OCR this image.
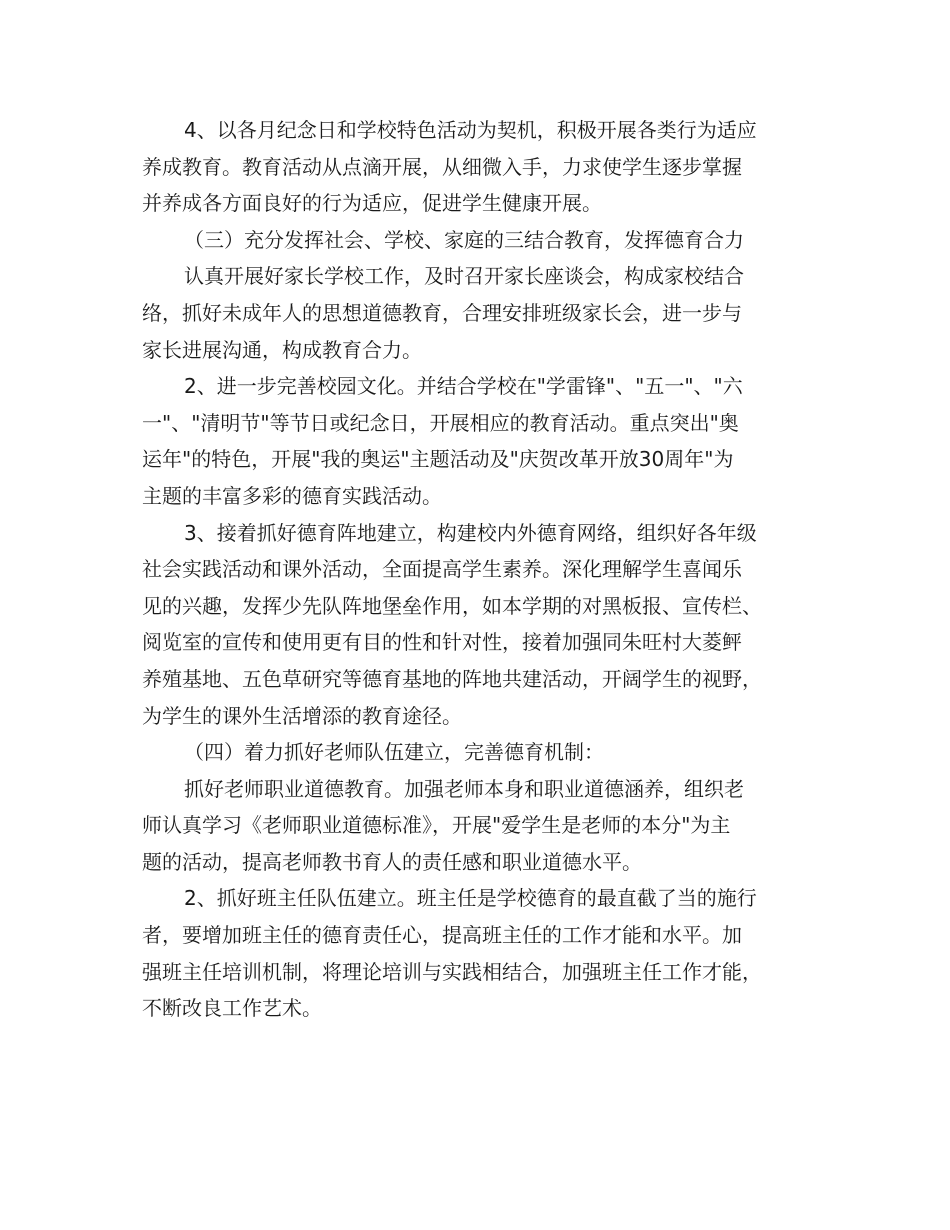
4、以各月纪念日和学校特色活动为契机，积极开展各类行为适应
养成教育。教育活动从点滴开展，从细微入手，力求使学生逐步掌握
并养成各方面良好的行为适应，促进学生健康开展。
（三）充分发挥社会、学校、家庭的三结合教育，发挥德育合力
认真开展好家长学校工作，及时召开家长座谈会，构成家校结合
络，抓好未成年人的思想道德教育，合理安排班级家长会，进一步与
家长进展沟通，构成教育合力。
2、进一步完善校园文化。并结合学校在"学雷锋"、"五一"、"六
一"、"清明节"等节日或纪念日，开展相应的教育活动。重点突出"奥
运年"的特色，开展"我的奥运"主题活动及"庆贺改革开放30周年"为
主题的丰富多彩的德育实践活动。
3、接着抓好德育阵地建立，构建校内外德育网络，组织好各年级
社会实践活动和课外活动，全面提高学生素养。深化理解学生喜闻乐
见的兴趣，发挥少先队阵地堡垒作用，如本学期的对黑板报、宣传栏、
阅览室的宣传和使用更有目的性和针对性，接着加强同朱旺村大菱鲆
养殖基地、五色草研究等德育基地的阵地共建活动，开阔学生的视野，
为学生的课外生活增添的教育途径。
（四）着力抓好老师队伍建立，完善德育机制：
抓好老师职业道德教育。加强老师本身和职业道德涵养，组织老
师认真学习《老师职业道德标准》，开展"爱学生是老师的本分"为主
题的活动，提高老师教书育人的责任感和职业道德水平。
2、抓好班主任队伍建立。班主任是学校德育的最直截了当的施行
者，要增加班主任的德育责任心，提高班主任的工作才能和水平。加
强班主任培训机制，将理论培训与实践相结合，加强班主任工作才能，
不断改良工作艺术。
